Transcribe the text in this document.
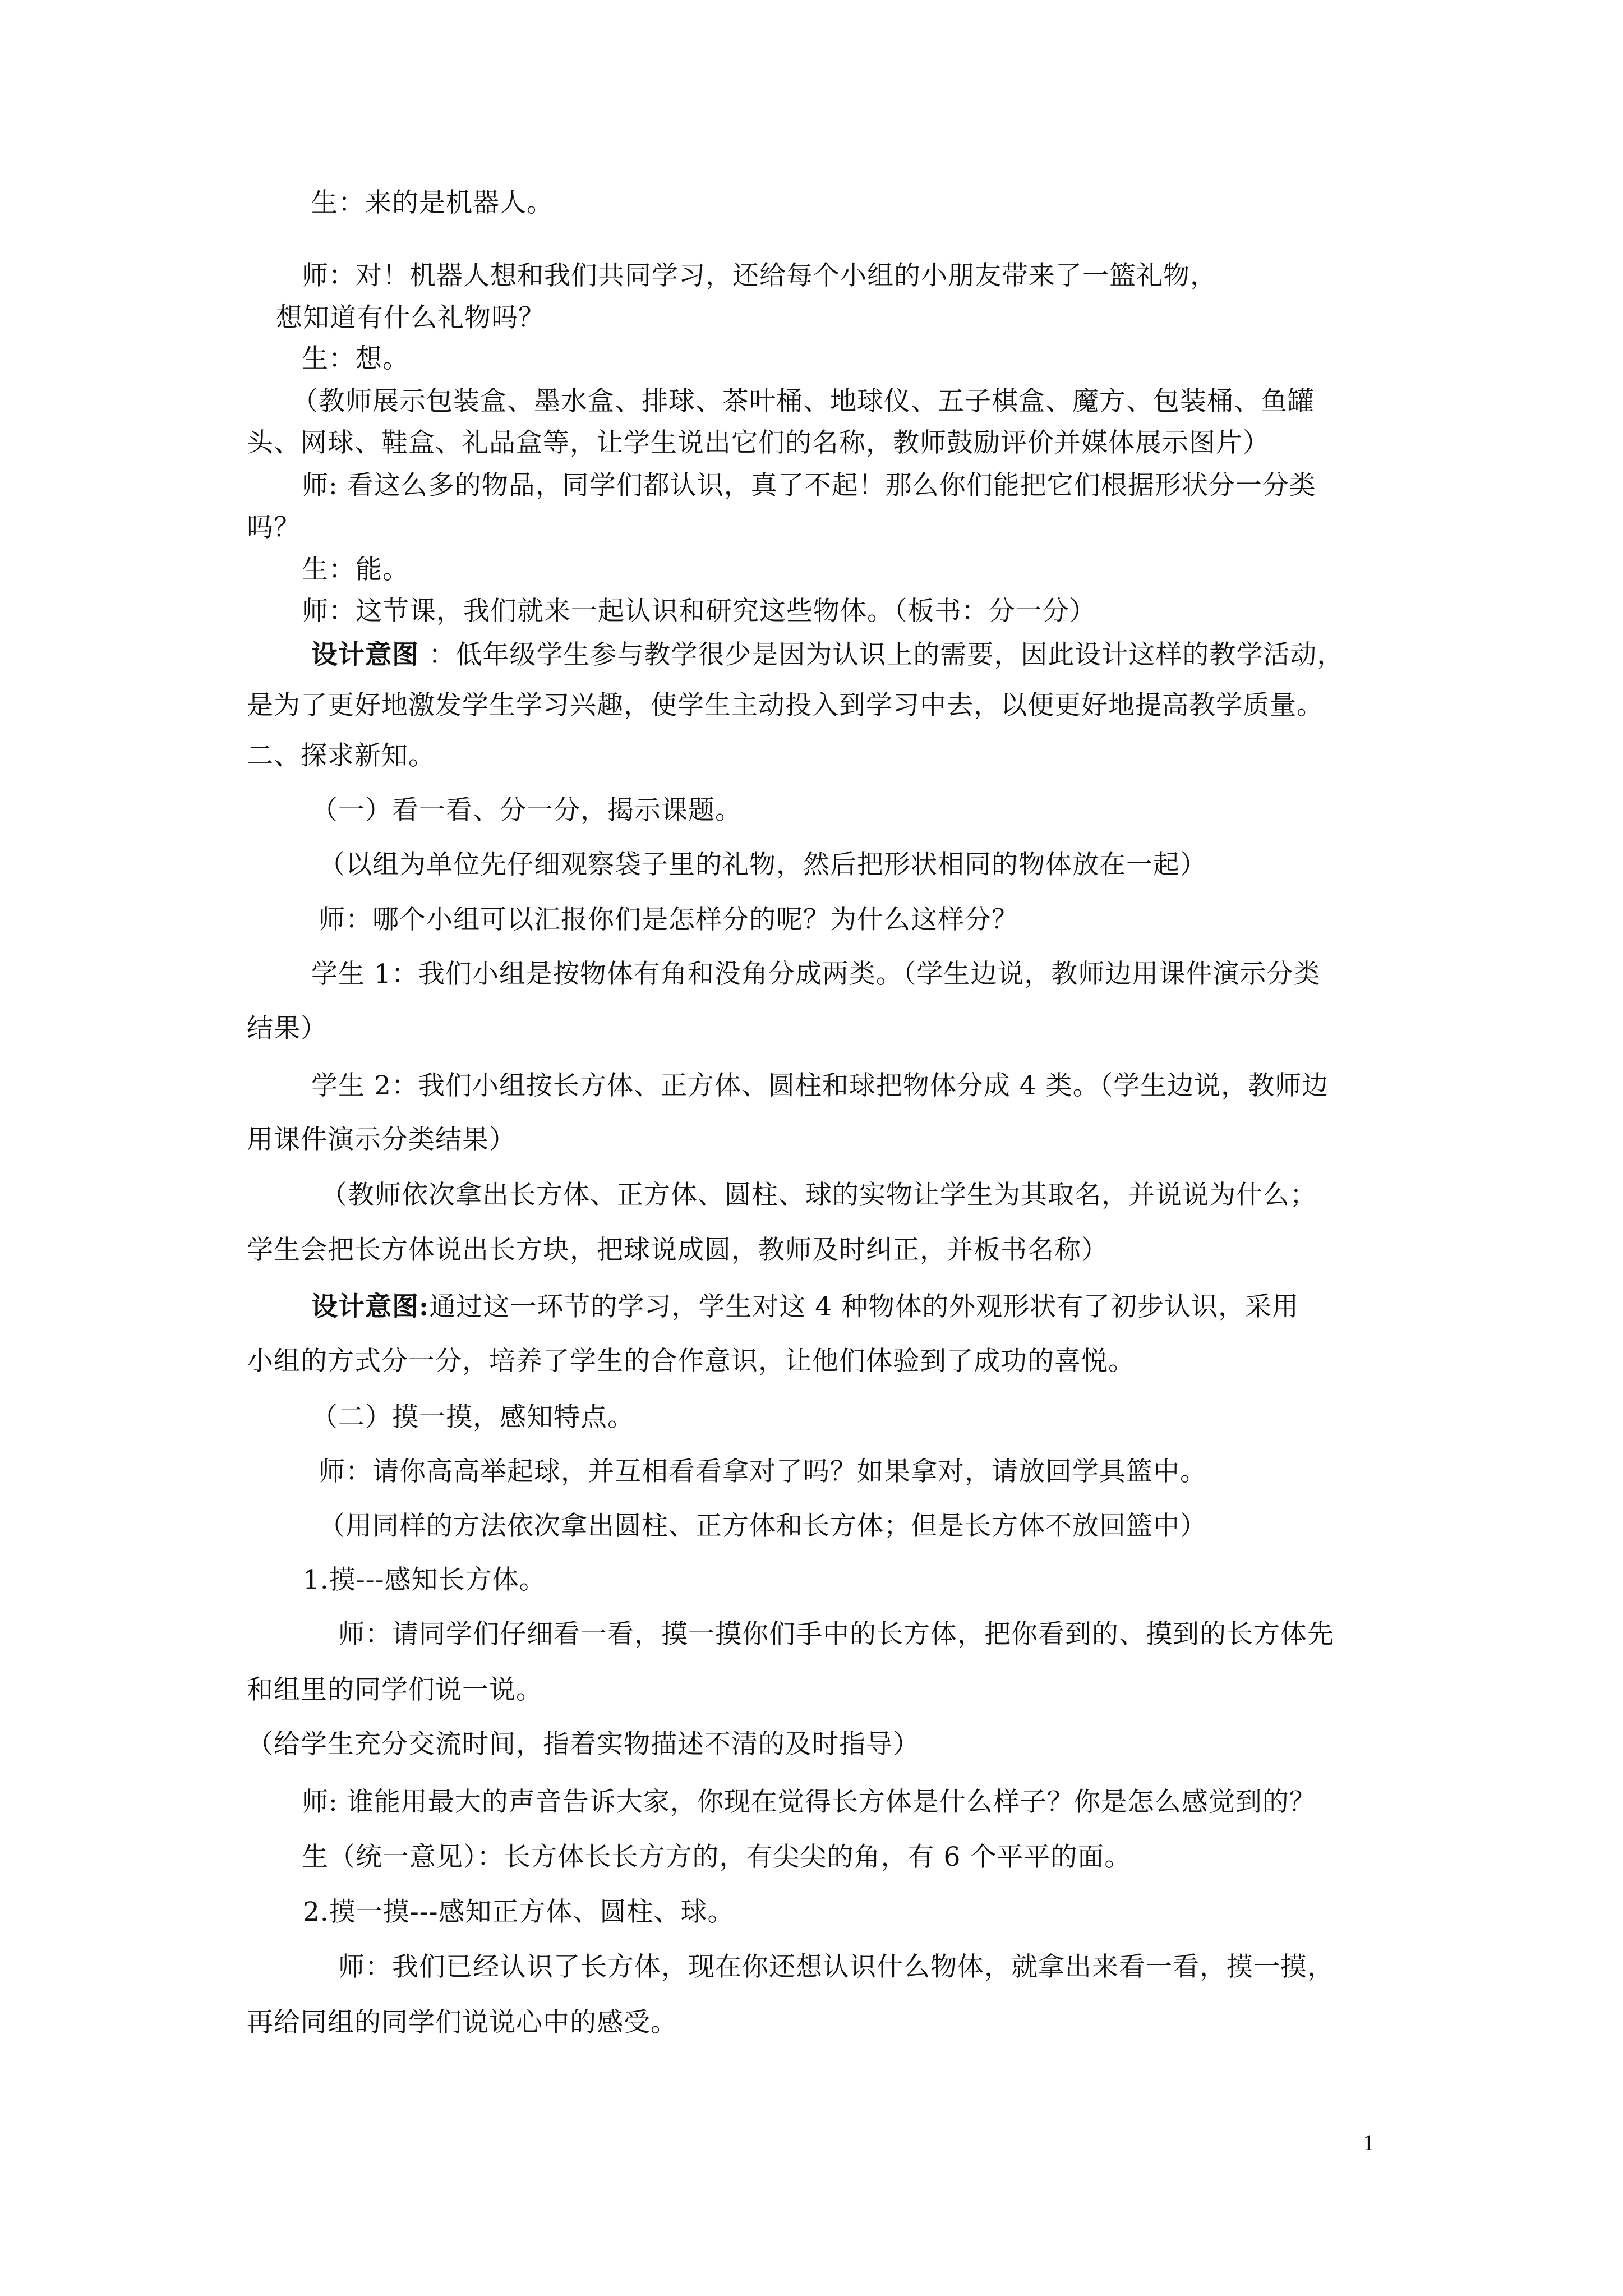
生：来的是机器人。
师：对！机器人想和我们共同学习，还给每个小组的小朋友带来了一篮礼物，
想知道有什么礼物吗？
生：想。
（教师展示包装盒、墨水盒、排球、茶叶桶、地球仪、五子棋盒、魔方、包装桶、鱼罐
头、网球、鞋盒、礼品盒等，让学生说出它们的名称，教师鼓励评价并媒体展示图片）
师: 看这么多的物品，同学们都认识，真了不起！那么你们能把它们根据形状分一分类
吗？
生：能。
师：这节课，我们就来一起认识和研究这些物体。（板书：分一分）
设计意图 ：低年级学生参与教学很少是因为认识上的需要，因此设计这样的教学活动，
是为了更好地激发学生学习兴趣，使学生主动投入到学习中去，以便更好地提高教学质量。
二、探求新知。
（一）看一看、分一分，揭示课题。
（以组为单位先仔细观察袋子里的礼物，然后把形状相同的物体放在一起）
师：哪个小组可以汇报你们是怎样分的呢？为什么这样分？
学生 1：我们小组是按物体有角和没角分成两类。（学生边说，教师边用课件演示分类
结果）
学生 2：我们小组按长方体、正方体、圆柱和球把物体分成 4 类。（学生边说，教师边
用课件演示分类结果）
（教师依次拿出长方体、正方体、圆柱、球的实物让学生为其取名，并说说为什么；
学生会把长方体说出长方块，把球说成圆，教师及时纠正，并板书名称）
设计意图:通过这一环节的学习，学生对这 4 种物体的外观形状有了初步认识，采用
小组的方式分一分，培养了学生的合作意识，让他们体验到了成功的喜悦。
（二）摸一摸，感知特点。
师：请你高高举起球，并互相看看拿对了吗？如果拿对，请放回学具篮中。
（用同样的方法依次拿出圆柱、正方体和长方体；但是长方体不放回篮中）
1.摸---感知长方体。
师：请同学们仔细看一看，摸一摸你们手中的长方体，把你看到的、摸到的长方体先
和组里的同学们说一说。
（给学生充分交流时间，指着实物描述不清的及时指导）
师: 谁能用最大的声音告诉大家，你现在觉得长方体是什么样子？你是怎么感觉到的？
生（统一意见）：长方体长长方方的，有尖尖的角，有 6 个平平的面。
2.摸一摸---感知正方体、圆柱、球。
师：我们已经认识了长方体，现在你还想认识什么物体，就拿出来看一看，摸一摸，
再给同组的同学们说说心中的感受。
1
